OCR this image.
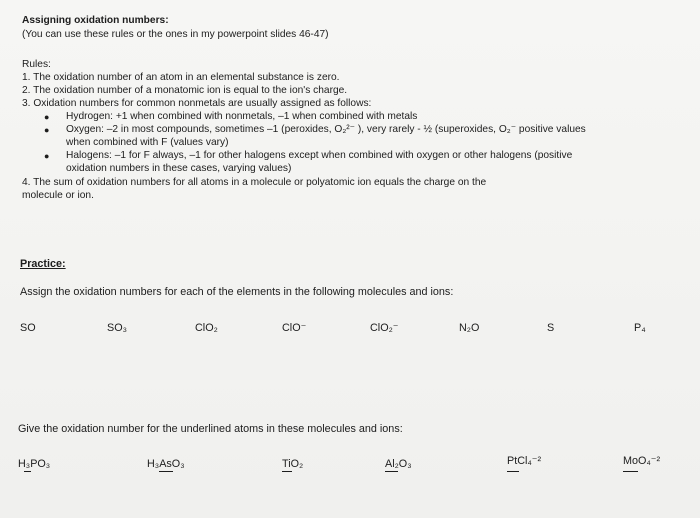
Assigning oxidation numbers:
(You can use these rules or the ones in my powerpoint slides 46-47)
Rules:
1. The oxidation number of an atom in an elemental substance is zero.
2. The oxidation number of a monatomic ion is equal to the ion's charge.
3. Oxidation numbers for common nonmetals are usually assigned as follows:
● Hydrogen: +1 when combined with nonmetals, –1 when combined with metals
● Oxygen: –2 in most compounds, sometimes –1 (peroxides, O₂²⁻ ), very rarely - ½ (superoxides, O₂⁻ positive values
when combined with F (values vary)
● Halogens: –1 for F always, –1 for other halogens except when combined with oxygen or other halogens (positive
oxidation numbers in these cases, varying values)
4. The sum of oxidation numbers for all atoms in a molecule or polyatomic ion equals the charge on the
molecule or ion.
Practice:
Assign the oxidation numbers for each of the elements in the following molecules and ions:
SO	SO₃	ClO₂	ClO⁻	ClO₂⁻	N₂O	S	P₄
Give the oxidation number for the underlined atoms in these molecules and ions:
H₃PO₃	H₃AsO₃	TiO₂	Al₂O₃	PtCl₄⁻²	MoO₄⁻²
